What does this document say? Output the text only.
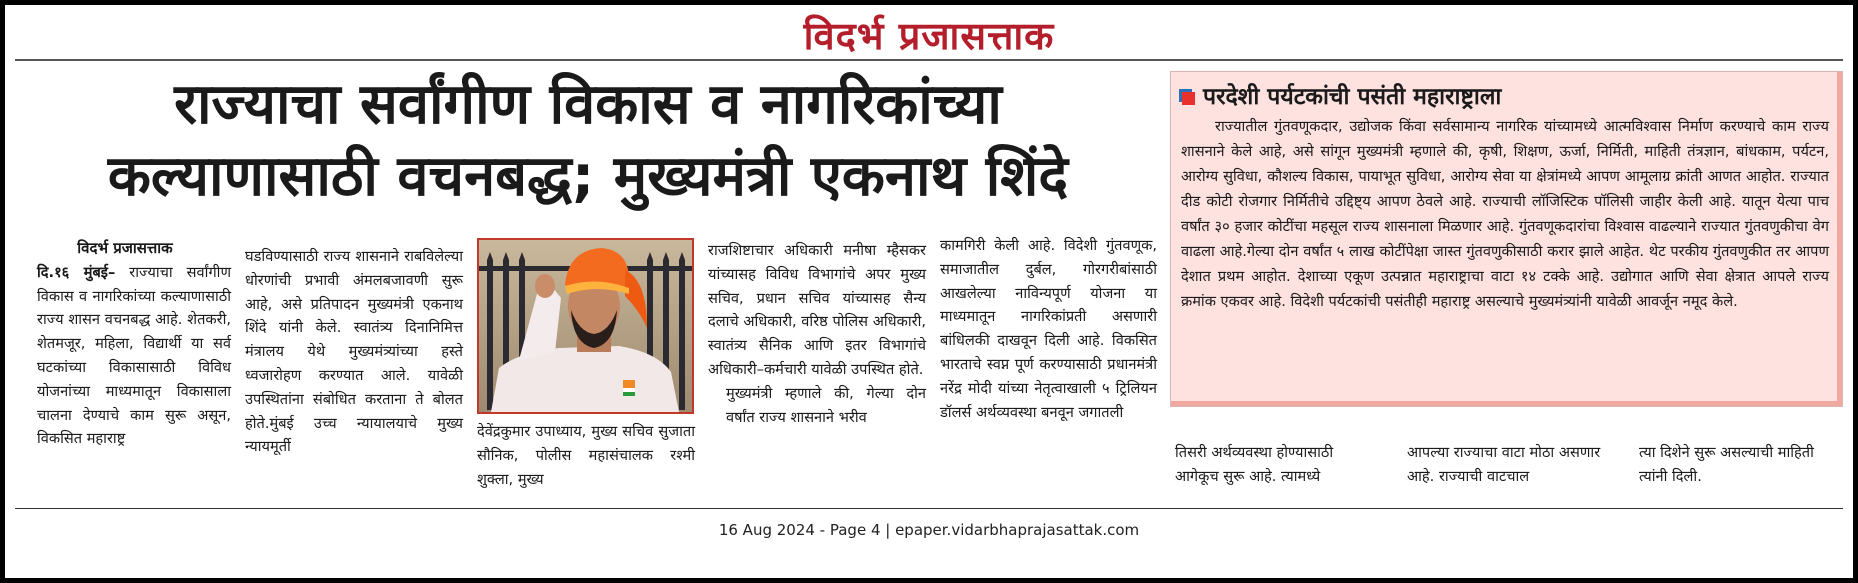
विदर्भ प्रजासत्ताक
राज्याचा सर्वांगीण विकास व नागरिकांच्या
कल्याणासाठी वचनबद्ध; मुख्यमंत्री एकनाथ शिंदे
विदर्भ प्रजासत्ताक

दि.१६ मुंबई– राज्याचा सर्वांगीण विकास व नागरिकांच्या कल्याणासाठी राज्य शासन वचनबद्ध आहे. शेतकरी, शेतमजूर, महिला, विद्यार्थी या सर्व घटकांच्या विकासासाठी विविध योजनांच्या माध्यमातून विकासाला चालना देण्याचे काम सुरू असून, विकसित महाराष्ट्र

घडविण्यासाठी राज्य शासनाने राबविलेल्या धोरणांची प्रभावी अंमलबजावणी सुरू आहे, असे प्रतिपादन मुख्यमंत्री एकनाथ शिंदे यांनी केले. स्वातंत्र्य दिनानिमित्त मंत्रालय येथे मुख्यमंत्र्यांच्या हस्ते ध्वजारोहण करण्यात आले. यावेळी उपस्थितांना संबोधित करताना ते बोलत होते.मुंबई उच्च न्यायालयाचे मुख्य न्यायमूर्ती

देवेंद्रकुमार उपाध्याय, मुख्य सचिव सुजाता सौनिक, पोलीस महासंचालक रश्मी शुक्ला, मुख्य

राजशिष्टाचार अधिकारी मनीषा म्हैसकर यांच्यासह विविध विभागांचे अपर मुख्य सचिव, प्रधान सचिव यांच्यासह सैन्य दलाचे अधिकारी, वरिष्ठ पोलिस अधिकारी, स्वातंत्र्य सैनिक आणि इतर विभागांचे अधिकारी–कर्मचारी यावेळी उपस्थित होते.

मुख्यमंत्री म्हणाले की, गेल्या दोन वर्षांत राज्य शासनाने भरीव

कामगिरी केली आहे. विदेशी गुंतवणूक, समाजातील दुर्बल, गोरगरीबांसाठी आखलेल्या नाविन्यपूर्ण योजना या माध्यमातून नागरिकांप्रती असणारी बांधिलकी दाखवून दिली आहे. विकसित भारताचे स्वप्न पूर्ण करण्यासाठी प्रधानमंत्री नरेंद्र मोदी यांच्या नेतृत्वाखाली ५ ट्रिलियन डॉलर्स अर्थव्यवस्था बनवून जगातली

परदेशी पर्यटकांची पसंती महाराष्ट्राला

राज्यातील गुंतवणूकदार, उद्योजक किंवा सर्वसामान्य नागरिक यांच्यामध्ये आत्मविश्वास निर्माण करण्याचे काम राज्य शासनाने केले आहे, असे सांगून मुख्यमंत्री म्हणाले की, कृषी, शिक्षण, ऊर्जा, निर्मिती, माहिती तंत्रज्ञान, बांधकाम, पर्यटन, आरोग्य सुविधा, कौशल्य विकास, पायाभूत सुविधा, आरोग्य सेवा या क्षेत्रांमध्ये आपण आमूलाग्र क्रांती आणत आहोत. राज्यात दीड कोटी रोजगार निर्मितीचे उद्दिष्ट्य आपण ठेवले आहे. राज्याची लॉजिस्टिक पॉलिसी जाहीर केली आहे. यातून येत्या पाच वर्षांत ३० हजार कोटींचा महसूल राज्य शासनाला मिळणार आहे. गुंतवणूकदारांचा विश्वास वाढल्याने राज्यात गुंतवणुकीचा वेग वाढला आहे.गेल्या दोन वर्षांत ५ लाख कोटींपेक्षा जास्त गुंतवणुकीसाठी करार झाले आहेत. थेट परकीय गुंतवणुकीत तर आपण देशात प्रथम आहोत. देशाच्या एकूण उत्पन्नात महाराष्ट्राचा वाटा १४ टक्के आहे. उद्योगात आणि सेवा क्षेत्रात आपले राज्य क्रमांक एकवर आहे. विदेशी पर्यटकांची पसंतीही महाराष्ट्र असल्याचे मुख्यमंत्र्यांनी यावेळी आवर्जून नमूद केले.

तिसरी अर्थव्यवस्था होण्यासाठी आगेकूच सुरू आहे. त्यामध्ये
आपल्या राज्याचा वाटा मोठा असणार आहे. राज्याची वाटचाल
त्या दिशेने सुरू असल्याची माहिती त्यांनी दिली.
16 Aug 2024 - Page 4 | epaper.vidarbhaprajasattak.com
